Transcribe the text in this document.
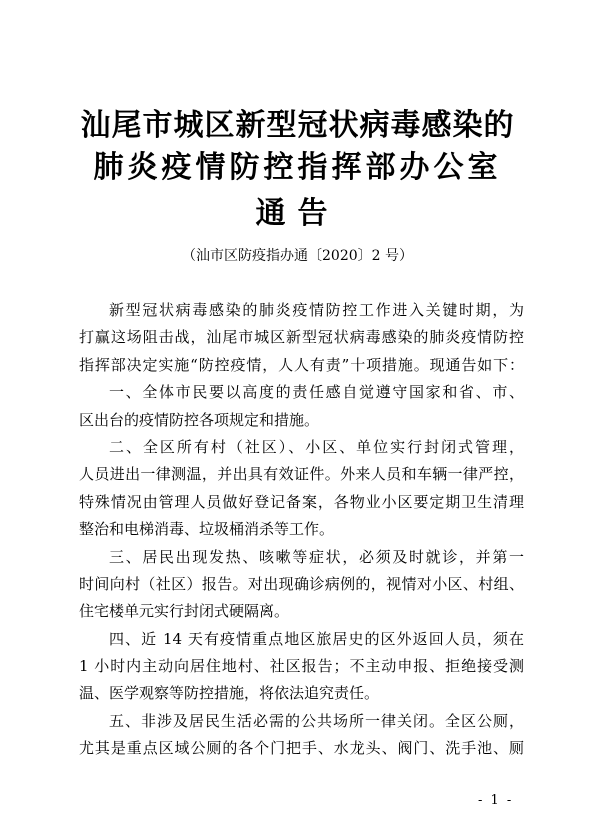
汕尾市城区新型冠状病毒感染的
肺炎疫情防控指挥部办公室
通告
（汕市区防疫指办通〔2020〕2 号）
新型冠状病毒感染的肺炎疫情防控工作进入关键时期，为
打赢这场阻击战，汕尾市城区新型冠状病毒感染的肺炎疫情防控
指挥部决定实施“防控疫情，人人有责”十项措施。现通告如下：
一、全体市民要以高度的责任感自觉遵守国家和省、市、
区出台的疫情防控各项规定和措施。
二、全区所有村（社区）、小区、单位实行封闭式管理，
人员进出一律测温，并出具有效证件。外来人员和车辆一律严控，
特殊情况由管理人员做好登记备案，各物业小区要定期卫生清理
整治和电梯消毒、垃圾桶消杀等工作。
三、居民出现发热、咳嗽等症状，必须及时就诊，并第一
时间向村（社区）报告。对出现确诊病例的，视情对小区、村组、
住宅楼单元实行封闭式硬隔离。
四、近 14 天有疫情重点地区旅居史的区外返回人员，须在
1 小时内主动向居住地村、社区报告；不主动申报、拒绝接受测
温、医学观察等防控措施，将依法追究责任。
五、非涉及居民生活必需的公共场所一律关闭。全区公厕，
尤其是重点区域公厕的各个门把手、水龙头、阀门、洗手池、厕
- 1 -
